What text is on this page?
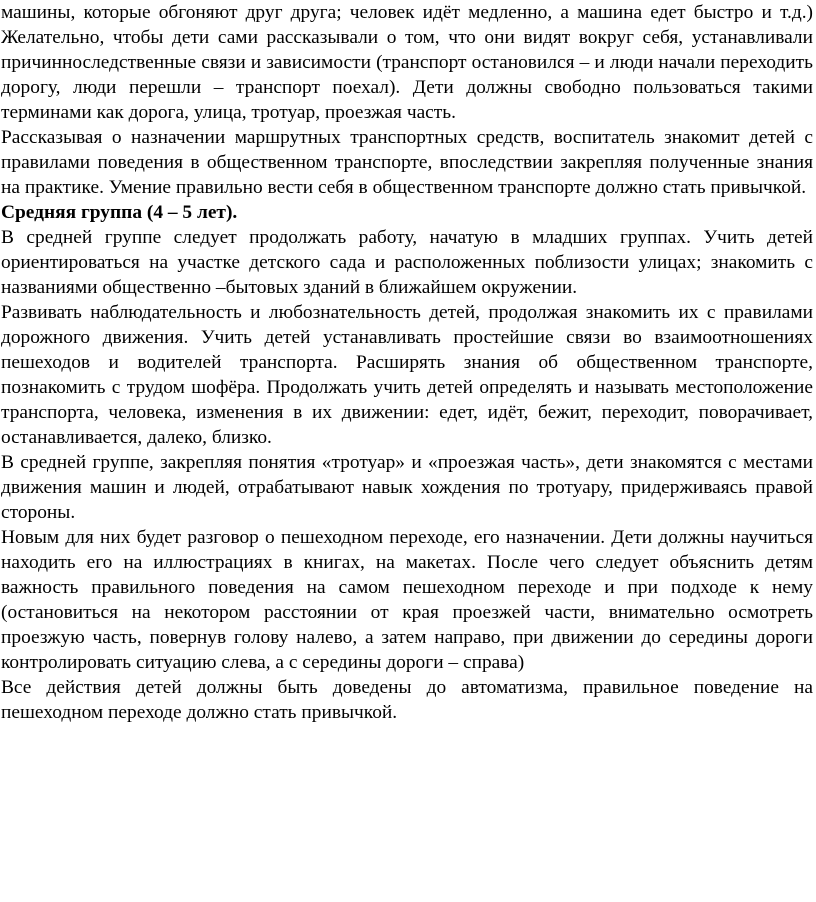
машины, которые обгоняют друг друга; человек идёт медленно, а машина едет быстро и т.д.) Желательно, чтобы дети сами рассказывали о том, что они видят вокруг себя, устанавливали причинноследственные связи и зависимости (транспорт остановился – и люди начали переходить дорогу, люди перешли – транспорт поехал). Дети должны свободно пользоваться такими терминами как дорога, улица, тротуар, проезжая часть.

Рассказывая о назначении маршрутных транспортных средств, воспитатель знакомит детей с правилами поведения в общественном транспорте, впоследствии закрепляя полученные знания на практике. Умение правильно вести себя в общественном транспорте должно стать привычкой.

Средняя группа (4 – 5 лет).

В средней группе следует продолжать работу, начатую в младших группах. Учить детей ориентироваться на участке детского сада и расположенных поблизости улицах; знакомить с названиями общественно –бытовых зданий в ближайшем окружении.

Развивать наблюдательность и любознательность детей, продолжая знакомить их с правилами дорожного движения. Учить детей устанавливать простейшие связи во взаимоотношениях пешеходов и водителей транспорта. Расширять знания об общественном транспорте, познакомить с трудом шофёра. Продолжать учить детей определять и называть местоположение транспорта, человека, изменения в их движении: едет, идёт, бежит, переходит, поворачивает, останавливается, далеко, близко.

В средней группе, закрепляя понятия «тротуар» и «проезжая часть», дети знакомятся с местами движения машин и людей, отрабатывают навык хождения по тротуару, придерживаясь правой стороны.

Новым для них будет разговор о пешеходном переходе, его назначении. Дети должны научиться находить его на иллюстрациях в книгах, на макетах. После чего следует объяснить детям важность правильного поведения на самом пешеходном переходе и при подходе к нему (остановиться на некотором расстоянии от края проезжей части, внимательно осмотреть проезжую часть, повернув голову налево, а затем направо, при движении до середины дороги контролировать ситуацию слева, а с середины дороги – справа)

Все действия детей должны быть доведены до автоматизма, правильное поведение на пешеходном переходе должно стать привычкой.
